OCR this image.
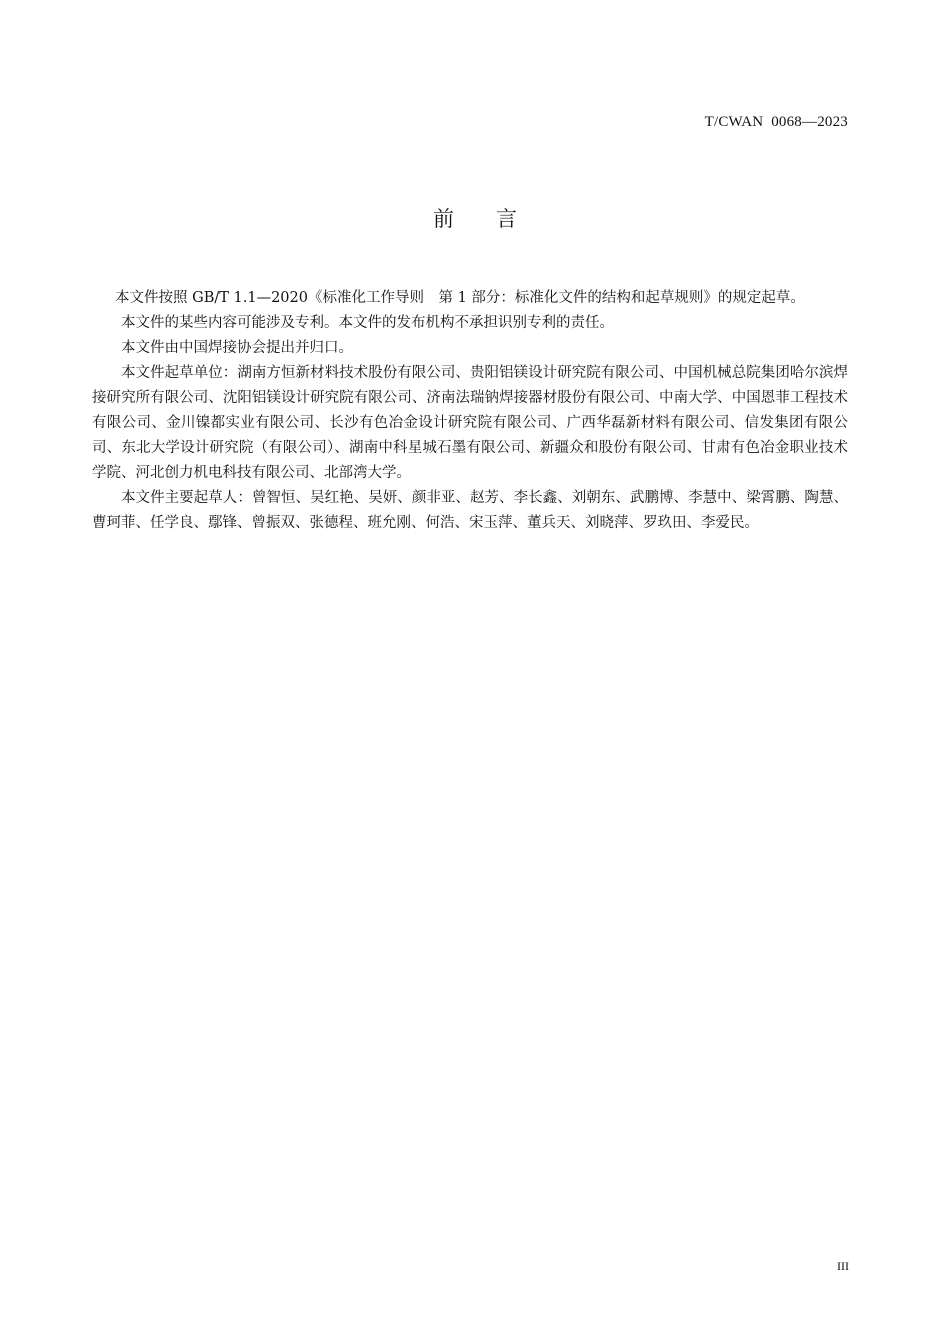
T/CWAN  0068—2023
前 言

本文件按照 GB/T 1.1—2020《标准化工作导则　第 1 部分：标准化文件的结构和起草规则》的规定起草。

本文件的某些内容可能涉及专利。本文件的发布机构不承担识别专利的责任。

本文件由中国焊接协会提出并归口。

本文件起草单位：湖南方恒新材料技术股份有限公司、贵阳铝镁设计研究院有限公司、中国机械总院集团哈尔滨焊接研究所有限公司、沈阳铝镁设计研究院有限公司、济南法瑞钠焊接器材股份有限公司、中南大学、中国恩菲工程技术有限公司、金川镍都实业有限公司、长沙有色冶金设计研究院有限公司、广西华磊新材料有限公司、信发集团有限公司、东北大学设计研究院（有限公司）、湖南中科星城石墨有限公司、新疆众和股份有限公司、甘肃有色冶金职业技术学院、河北创力机电科技有限公司、北部湾大学。

本文件主要起草人：曾智恒、吴红艳、吴妍、颜非亚、赵芳、李长鑫、刘朝东、武鹏博、李慧中、梁霄鹏、陶慧、曹珂菲、任学良、鄢锋、曾振双、张德程、班允刚、何浩、宋玉萍、董兵天、刘晓萍、罗玖田、李爱民。

III
